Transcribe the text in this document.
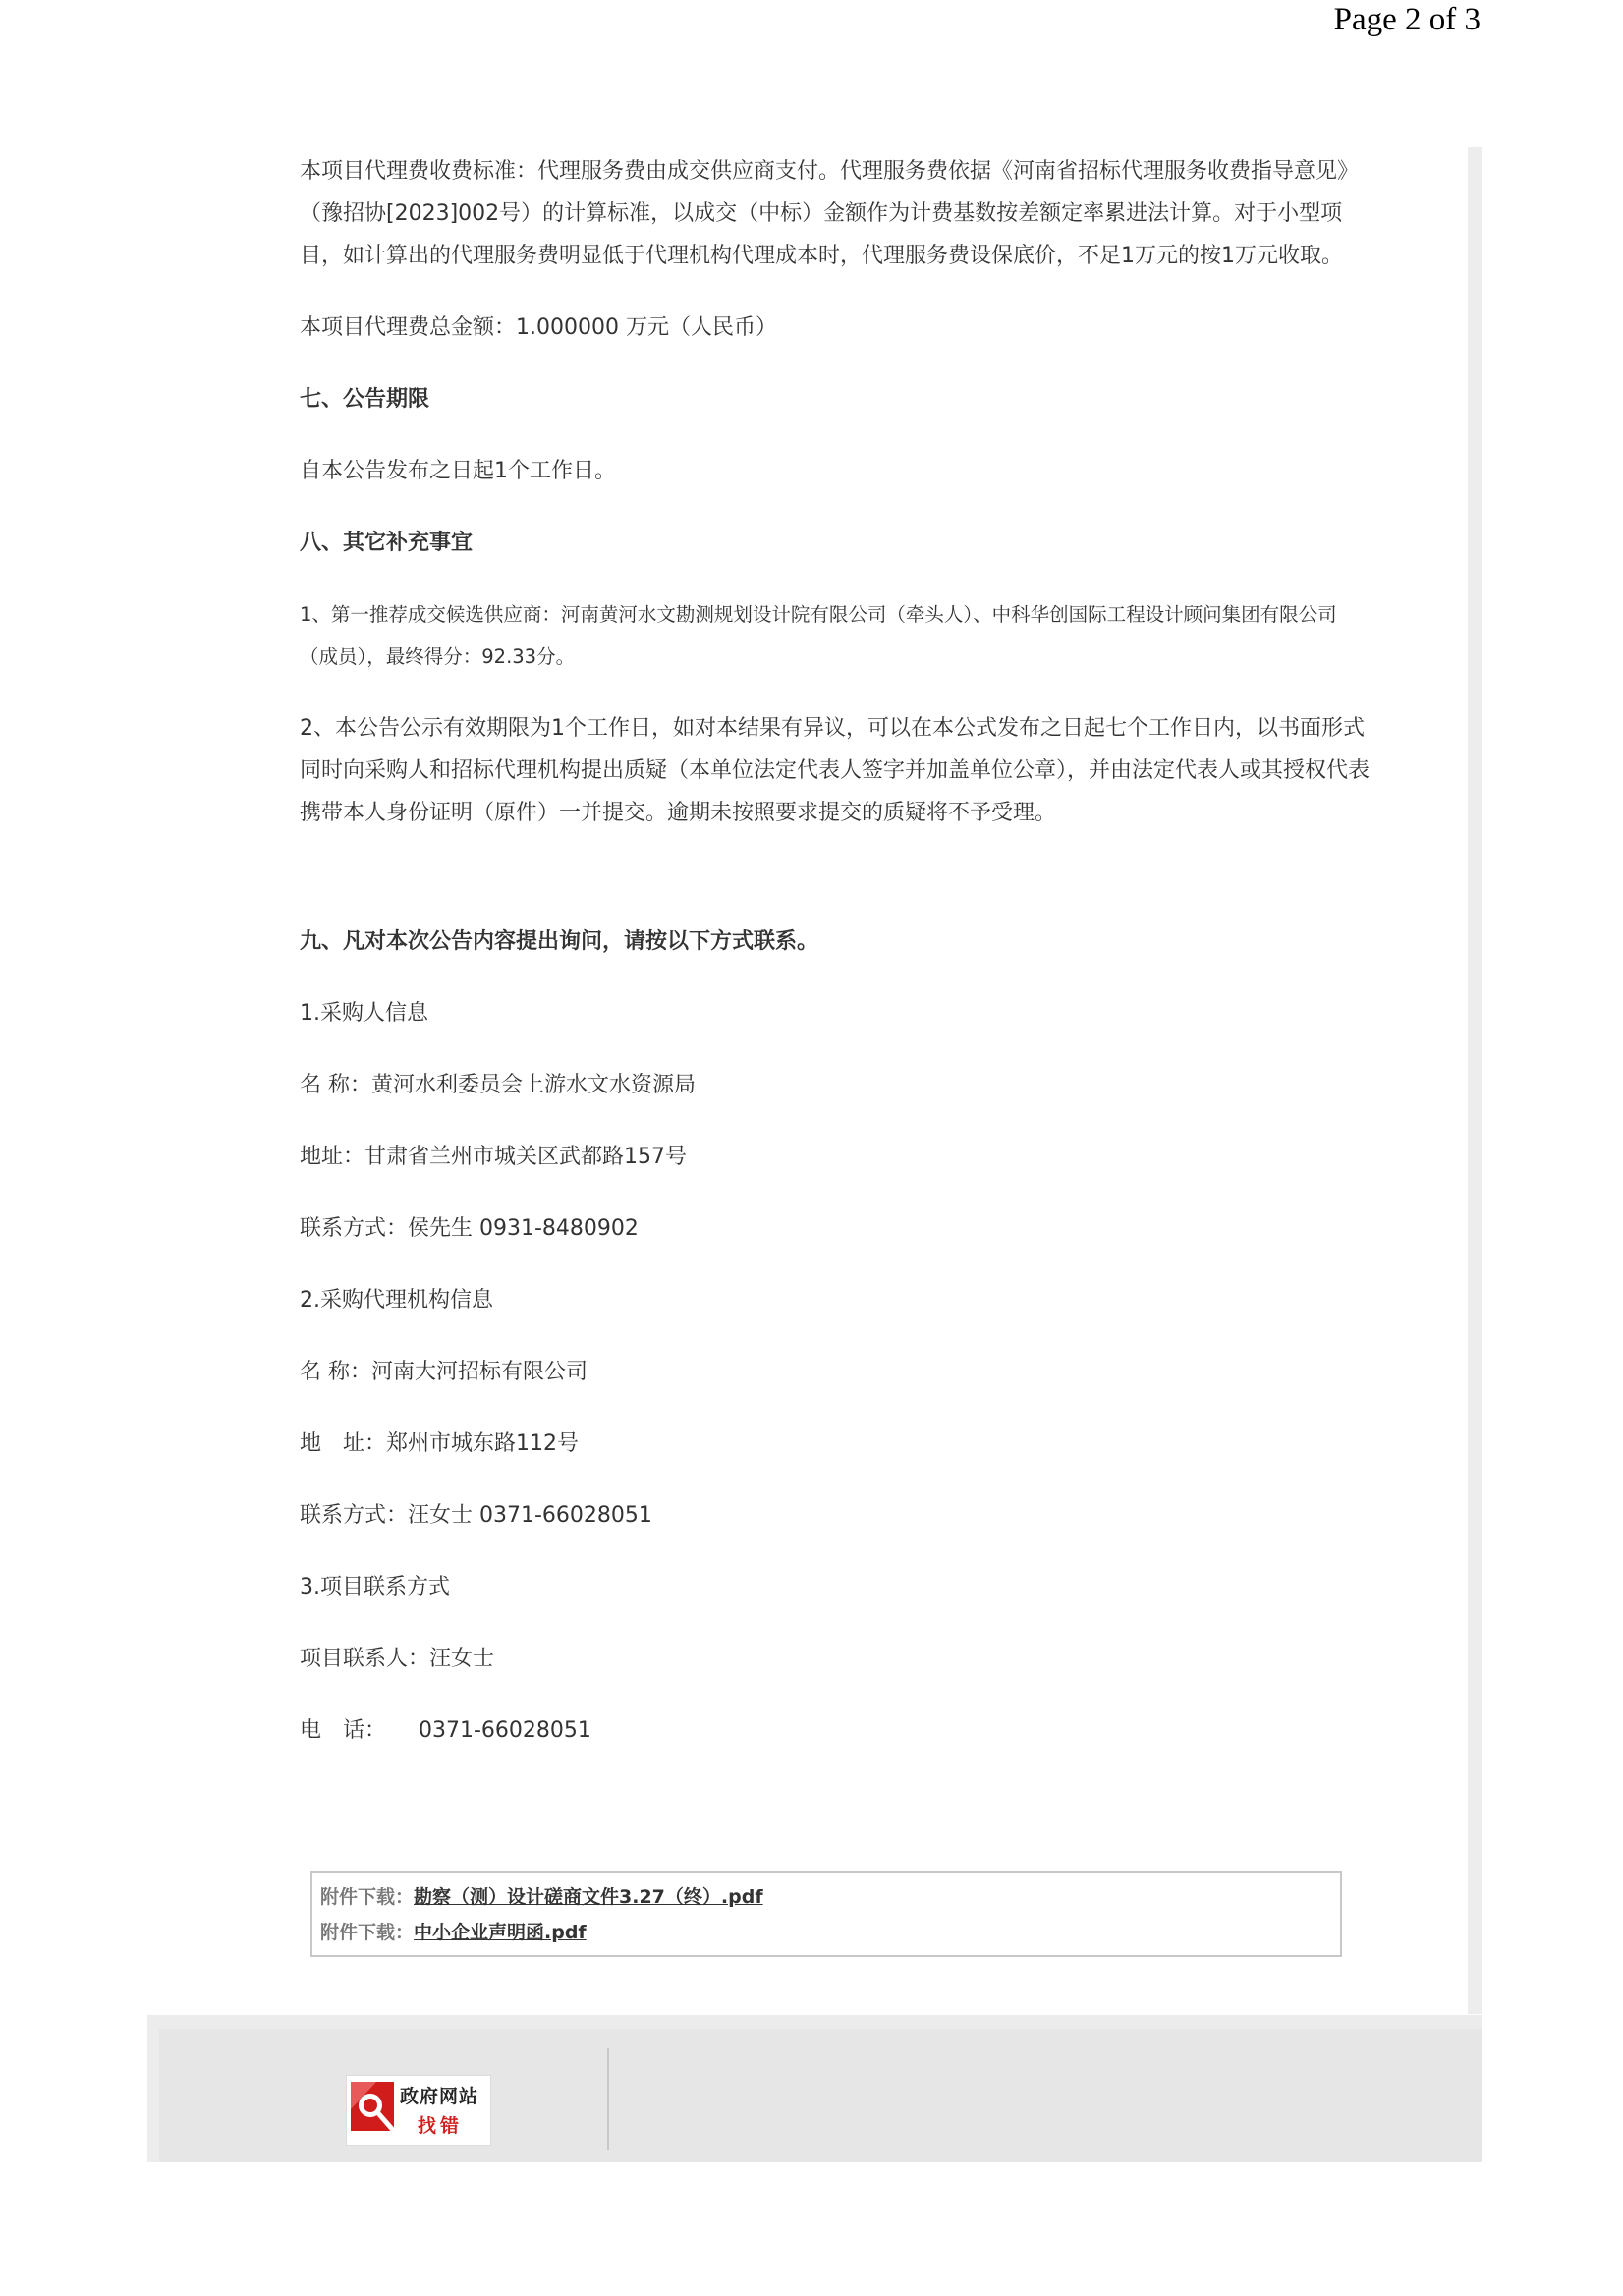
Page 2 of 3

本项目代理费收费标准：代理服务费由成交供应商支付。代理服务费依据《河南省招标代理服务收费指导意见》（豫招协[2023]002号）的计算标准，以成交（中标）金额作为计费基数按差额定率累进法计算。对于小型项目，如计算出的代理服务费明显低于代理机构代理成本时，代理服务费设保底价，不足1万元的按1万元收取。

本项目代理费总金额：1.000000 万元（人民币）

七、公告期限

自本公告发布之日起1个工作日。

八、其它补充事宜

1、第一推荐成交候选供应商：河南黄河水文勘测规划设计院有限公司（牵头人）、中科华创国际工程设计顾问集团有限公司（成员），最终得分：92.33分。

2、本公告公示有效期限为1个工作日，如对本结果有异议，可以在本公式发布之日起七个工作日内，以书面形式同时向采购人和招标代理机构提出质疑（本单位法定代表人签字并加盖单位公章），并由法定代表人或其授权代表携带本人身份证明（原件）一并提交。逾期未按照要求提交的质疑将不予受理。

九、凡对本次公告内容提出询问，请按以下方式联系。

1.采购人信息

名 称：黄河水利委员会上游水文水资源局

地址：甘肃省兰州市城关区武都路157号

联系方式：侯先生 0931-8480902

2.采购代理机构信息

名 称：河南大河招标有限公司

地　址：郑州市城东路112号

联系方式：汪女士 0371-66028051

3.项目联系方式

项目联系人：汪女士

电　话：　　0371-66028051

附件下载：勘察（测）设计磋商文件3.27（终）.pdf
附件下载：中小企业声明函.pdf
政府网站
找错
